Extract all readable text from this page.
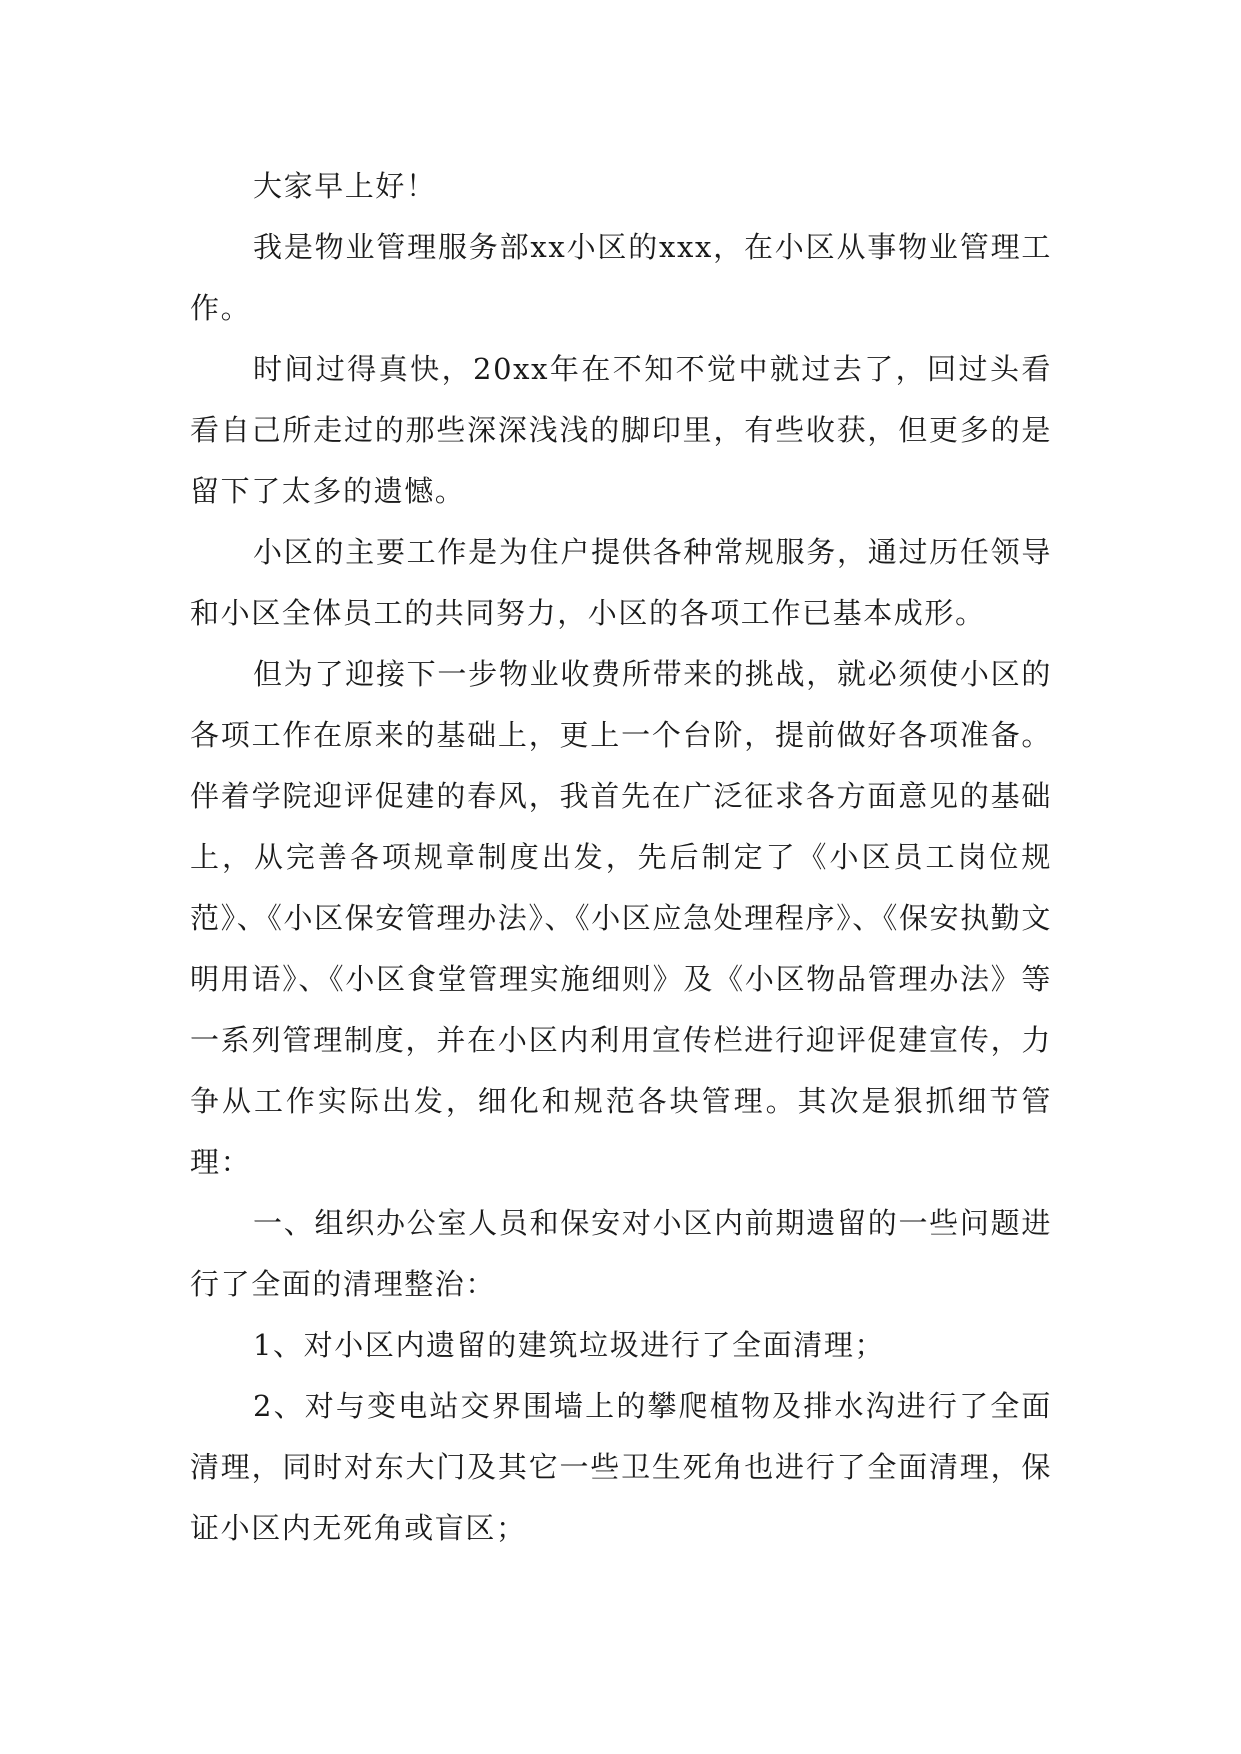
大家早上好！

我是物业管理服务部xx小区的xxx，在小区从事物业管理工作。

时间过得真快，20xx年在不知不觉中就过去了，回过头看看自己所走过的那些深深浅浅的脚印里，有些收获，但更多的是留下了太多的遗憾。

小区的主要工作是为住户提供各种常规服务，通过历任领导和小区全体员工的共同努力，小区的各项工作已基本成形。

但为了迎接下一步物业收费所带来的挑战，就必须使小区的各项工作在原来的基础上，更上一个台阶，提前做好各项准备。伴着学院迎评促建的春风，我首先在广泛征求各方面意见的基础上，从完善各项规章制度出发，先后制定了《小区员工岗位规范》、《小区保安管理办法》、《小区应急处理程序》、《保安执勤文明用语》、《小区食堂管理实施细则》及《小区物品管理办法》等一系列管理制度，并在小区内利用宣传栏进行迎评促建宣传，力争从工作实际出发，细化和规范各块管理。其次是狠抓细节管理：

一、组织办公室人员和保安对小区内前期遗留的一些问题进行了全面的清理整治：

1、对小区内遗留的建筑垃圾进行了全面清理；

2、对与变电站交界围墙上的攀爬植物及排水沟进行了全面清理，同时对东大门及其它一些卫生死角也进行了全面清理，保证小区内无死角或盲区；
